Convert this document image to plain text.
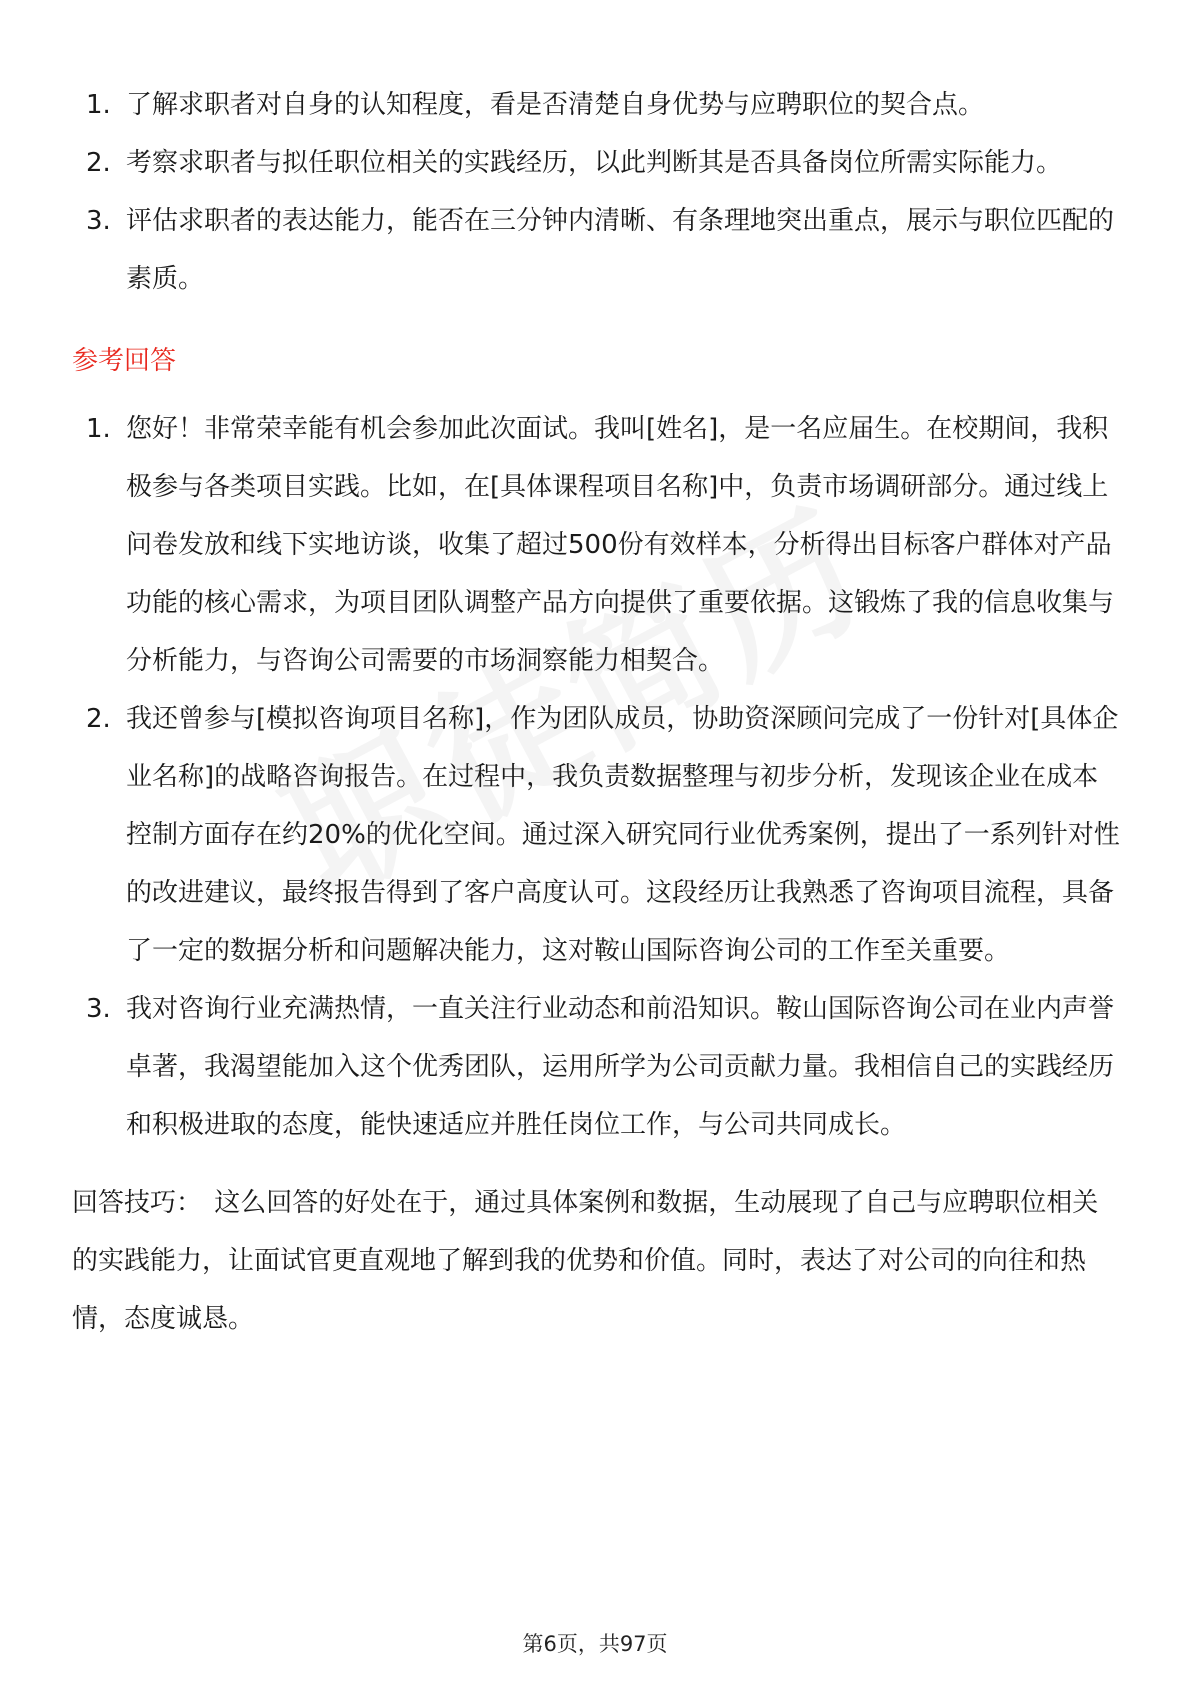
1. 了解求职者对自身的认知程度，看是否清楚自身优势与应聘职位的契合点。
2. 考察求职者与拟任职位相关的实践经历，以此判断其是否具备岗位所需实际能力。
3. 评估求职者的表达能力，能否在三分钟内清晰、有条理地突出重点，展示与职位匹配的素质。
参考回答
1. 您好！非常荣幸能有机会参加此次面试。我叫[姓名]，是一名应届生。在校期间，我积极参与各类项目实践。比如，在[具体课程项目名称]中，负责市场调研部分。通过线上问卷发放和线下实地访谈，收集了超过500份有效样本，分析得出目标客户群体对产品功能的核心需求，为项目团队调整产品方向提供了重要依据。这锻炼了我的信息收集与分析能力，与咨询公司需要的市场洞察能力相契合。
2. 我还曾参与[模拟咨询项目名称]，作为团队成员，协助资深顾问完成了一份针对[具体企业名称]的战略咨询报告。在过程中，我负责数据整理与初步分析，发现该企业在成本控制方面存在约20%的优化空间。通过深入研究同行业优秀案例，提出了一系列针对性的改进建议，最终报告得到了客户高度认可。这段经历让我熟悉了咨询项目流程，具备了一定的数据分析和问题解决能力，这对鞍山国际咨询公司的工作至关重要。
3. 我对咨询行业充满热情，一直关注行业动态和前沿知识。鞍山国际咨询公司在业内声誉卓著，我渴望能加入这个优秀团队，运用所学为公司贡献力量。我相信自己的实践经历和积极进取的态度，能快速适应并胜任岗位工作，与公司共同成长。
回答技巧： 这么回答的好处在于，通过具体案例和数据，生动展现了自己与应聘职位相关的实践能力，让面试官更直观地了解到我的优势和价值。同时，表达了对公司的向往和热情，态度诚恳。
第6页，共97页
